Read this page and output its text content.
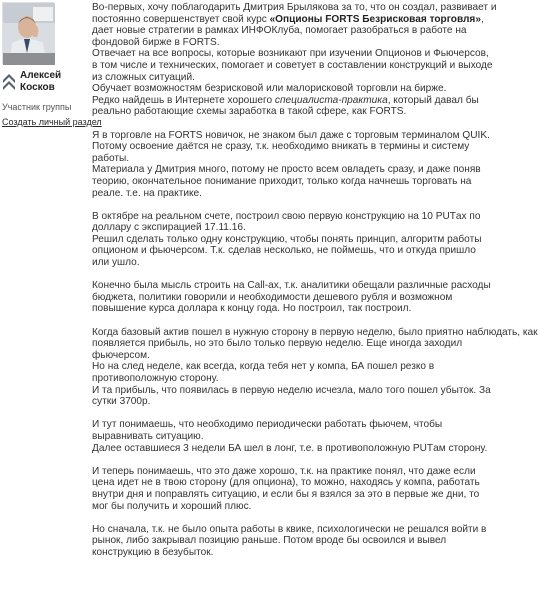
Алексей
Косков
Участник группы
Создать личный раздел
Во-первых, хочу поблагодарить Дмитрия Брылякова за то, что он создал, развивает и
постоянно совершенствует свой курс «Опционы FORTS Безрисковая торговля»,
дает новые стратегии в рамках ИНФОКлуба, помогает разобраться в работе на
фондовой бирже в FORTS.
Отвечает на все вопросы, которые возникают при изучении Опционов и Фьючерсов,
в том числе и технических, помогает и советует в составлении конструкций и выходе
из сложных ситуаций.
Обучает возможностям безрисковой или малорисковой торговли на бирже.
Редко найдешь в Интернете хорошего специалиста-практика, который давал бы
реально работающие схемы заработка в такой сфере, как FORTS.
Я в торговле на FORTS новичок, не знаком был даже с торговым терминалом QUIK.
Потому освоение даётся не сразу, т.к. необходимо вникать в термины и систему
работы.
Материала у Дмитрия много, потому не просто всем овладеть сразу, и даже поняв
теорию, окончательное понимание приходит, только когда начнешь торговать на
реале. т.е. на практике.
В октябре на реальном счете, построил свою первую конструкцию на 10 PUTах по
доллару с экспирацией 17.11.16.
Решил сделать только одну конструкцию, чтобы понять принцип, алгоритм работы
опционом и фьючерсом. Т.к. сделав несколько, не поймешь, что и откуда пришло
или ушло.
Конечно была мысль строить на Call-ах, т.к. аналитики обещали различные расходы
бюджета, политики говорили и необходимости дешевого рубля и возможном
повышение курса доллара к концу года. Но построил, так построил.
Когда базовый актив пошел в нужную сторону в первую неделю, было приятно наблюдать, как
появляется прибыль, но это было только первую неделю. Еще иногда заходил
фьючерсом.
Но на след неделе, как всегда, когда тебя нет у компа, БА пошел резко в
противоположную сторону.
И та прибыль, что появилась в первую неделю исчезла, мало того пошел убыток. За
сутки 3700р.
И тут понимаешь, что необходимо периодически работать фьючем, чтобы
выравнивать ситуацию.
Далее оставшиеся 3 недели БА шел в лонг, т.е. в противоположную PUTам сторону.
И теперь понимаешь, что это даже хорошо, т.к. на практике понял, что даже если
цена идет не в твою сторону (для опциона), то можно, находясь у компа, работать
внутри дня и поправлять ситуацию, и если бы я взялся за это в первые же дни, то
мог бы получить и хороший плюс.
Но сначала, т.к. не было опыта работы в квике, психологически не решался войти в
рынок, либо закрывал позицию раньше. Потом вроде бы освоился и вывел
конструкцию в безубыток.
